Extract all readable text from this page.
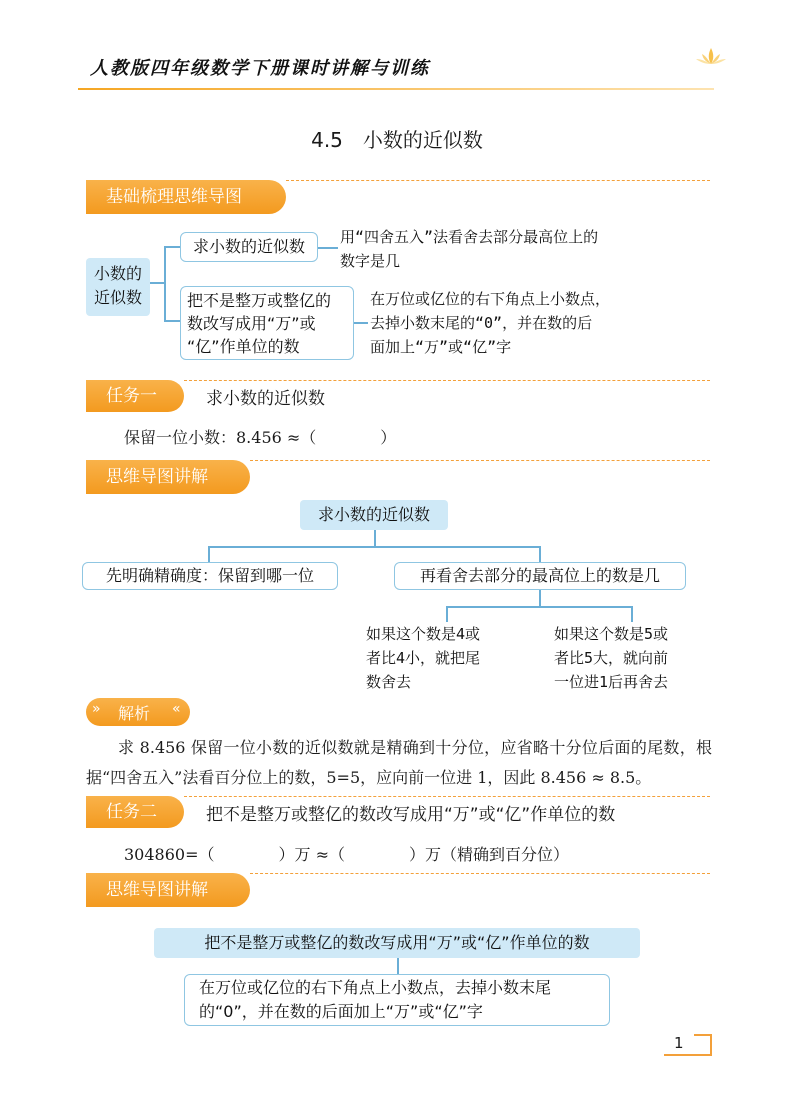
人教版四年级数学下册课时讲解与训练
4.5　小数的近似数
基础梳理思维导图
小数的
近似数
求小数的近似数	用“四舍五入”法看舍去部分最高位上的
数字是几
把不是整万或整亿的
数改写成用“万”或
“亿”作单位的数
在万位或亿位的右下角点上小数点，
去掉小数末尾的“0”，并在数的后
面加上“万”或“亿”字
任务一	求小数的近似数
保留一位小数：8.456 ≈（　　　　）
思维导图讲解
求小数的近似数
先明确精确度：保留到哪一位	再看舍去部分的最高位上的数是几
如果这个数是4或
者比4小，就把尾
数舍去
如果这个数是5或
者比5大，就向前
一位进1后再舍去
» 解析 «
求 8.456 保留一位小数的近似数就是精确到十分位，应省略十分位后面的尾数，根据“四舍五入”法看百分位上的数，5=5，应向前一位进 1，因此 8.456 ≈ 8.5。
任务二	把不是整万或整亿的数改写成用“万”或“亿”作单位的数
304860=（　　　　）万 ≈（　　　　）万（精确到百分位）
思维导图讲解
把不是整万或整亿的数改写成用“万”或“亿”作单位的数
在万位或亿位的右下角点上小数点，去掉小数末尾
的“0”，并在数的后面加上“万”或“亿”字
1
